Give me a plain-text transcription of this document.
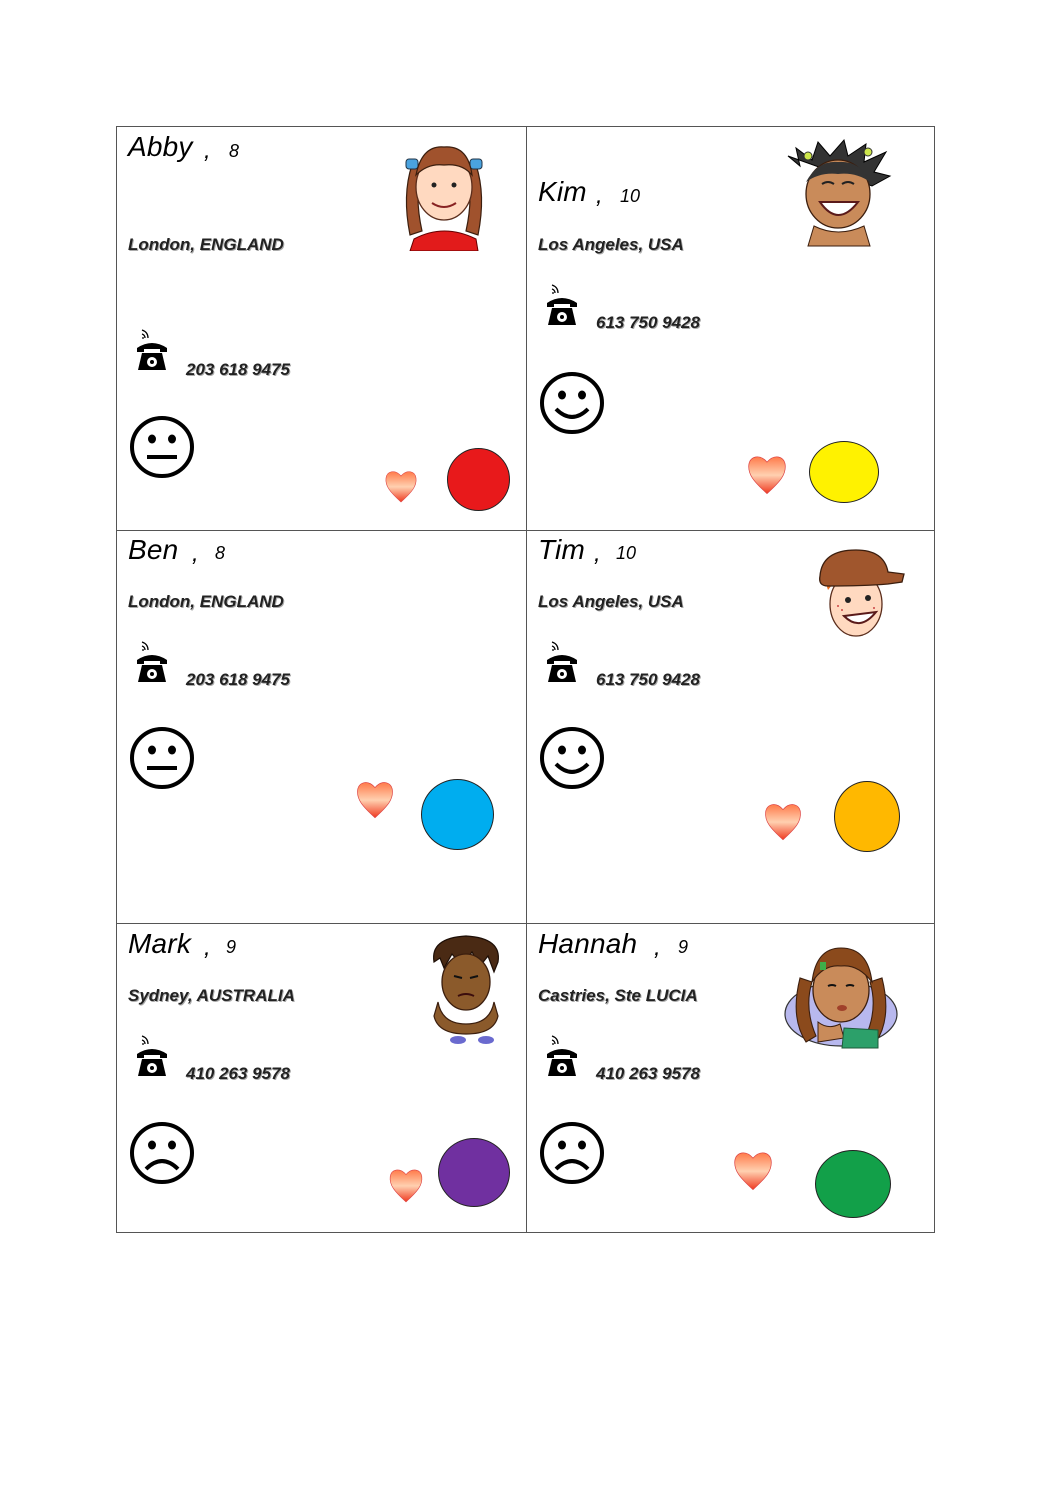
Abby , 8
London, ENGLAND
203 618 9475
Kim , 10
Los Angeles, USA
613 750 9428
Ben , 8
London, ENGLAND
203 618 9475
Tim , 10
Los Angeles, USA
613 750 9428
Mark , 9
Sydney, AUSTRALIA
410 263 9578
Hannah , 9
Castries, Ste LUCIA
410 263 9578
